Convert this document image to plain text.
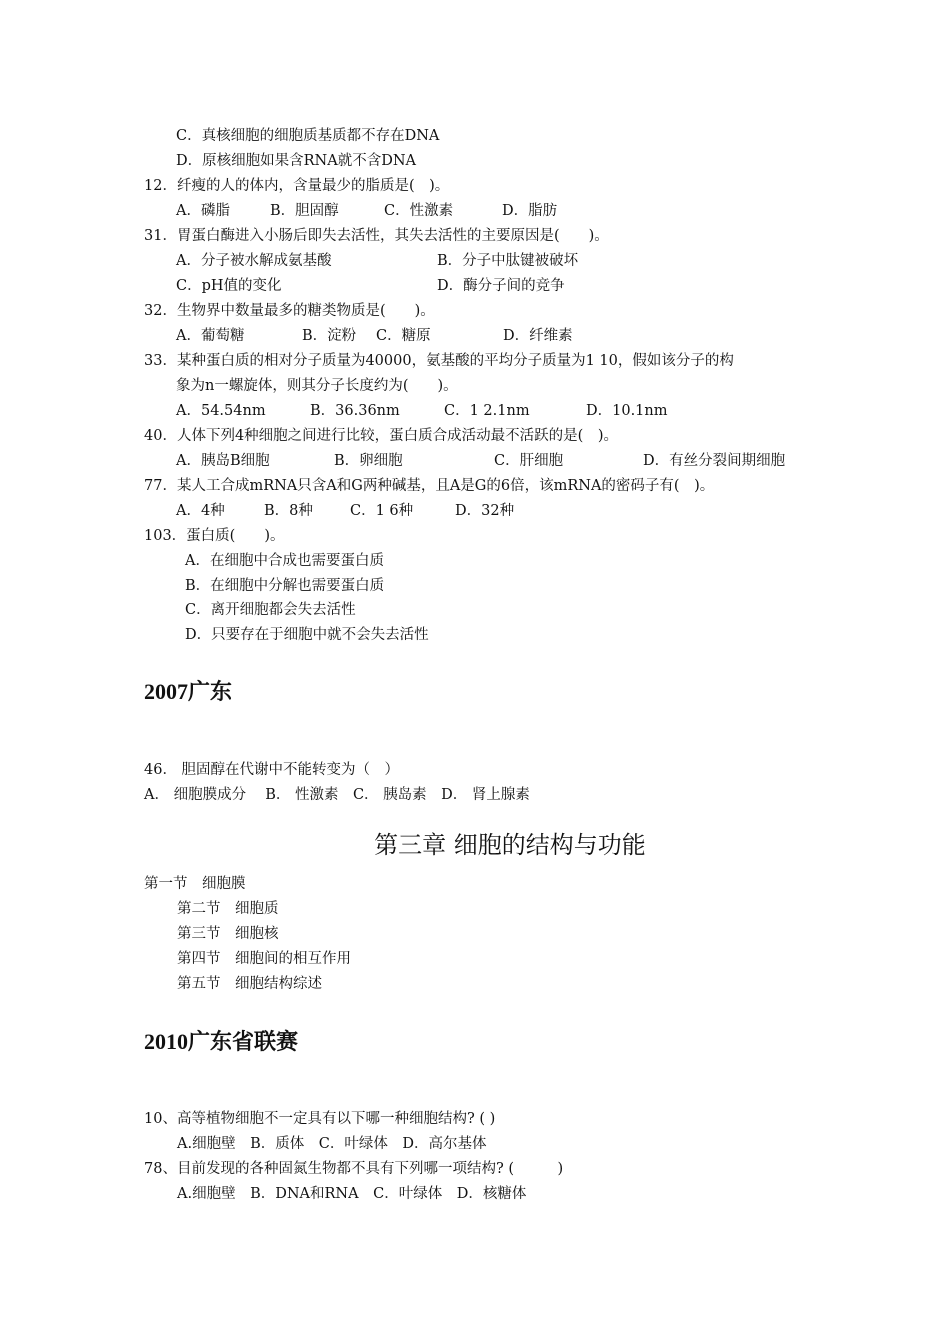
C．真核细胞的细胞质基质都不存在DNA
D．原核细胞如果含RNA就不含DNA
12．纤瘦的人的体内，含量最少的脂质是(　)。
A．磷脂	B．胆固醇	C．性激素	D．脂肪
31．胃蛋白酶进入小肠后即失去活性，其失去活性的主要原因是(　　)。
A．分子被水解成氨基酸	B．分子中肽键被破坏
C．pH值的变化	D．酶分子间的竞争
32．生物界中数量最多的糖类物质是(　　)。
A．葡萄糖	B．淀粉 C．糖原	D．纤维素
33．某种蛋白质的相对分子质量为40000，氨基酸的平均分子质量为1 10，假如该分子的构
象为n一螺旋体，则其分子长度约为(　　)。
A．54.54nm	B．36.36nm	C．1 2.1nm	D．10.1nm
40．人体下列4种细胞之间进行比较，蛋白质合成活动最不活跃的是(　)。
A．胰岛B细胞	B．卵细胞	C．肝细胞	D．有丝分裂间期细胞
77．某人工合成mRNA只含A和G两种碱基，且A是G的6倍，该mRNA的密码子有(　)。
A．4种	B．8种	C．1 6种	D．32种
103．蛋白质(　　)。
A．在细胞中合成也需要蛋白质
B．在细胞中分解也需要蛋白质
C．离开细胞都会失去活性
D．只要存在于细胞中就不会失去活性
2007广东
46． 胆固醇在代谢中不能转变为（　）
A． 细胞膜成分　 B． 性激素　C． 胰岛素　D． 肾上腺素
第三章 细胞的结构与功能
第一节　细胞膜
第二节　细胞质
第三节　细胞核
第四节　细胞间的相互作用
第五节　细胞结构综述
2010广东省联赛
10、高等植物细胞不一定具有以下哪一种细胞结构? ( )
A.细胞壁　B．质体　C．叶绿体　D．高尔基体
78、目前发现的各种固氮生物都不具有下列哪一项结构? (　　　)
A.细胞壁　B．DNA和RNA　C．叶绿体　D．核糖体
